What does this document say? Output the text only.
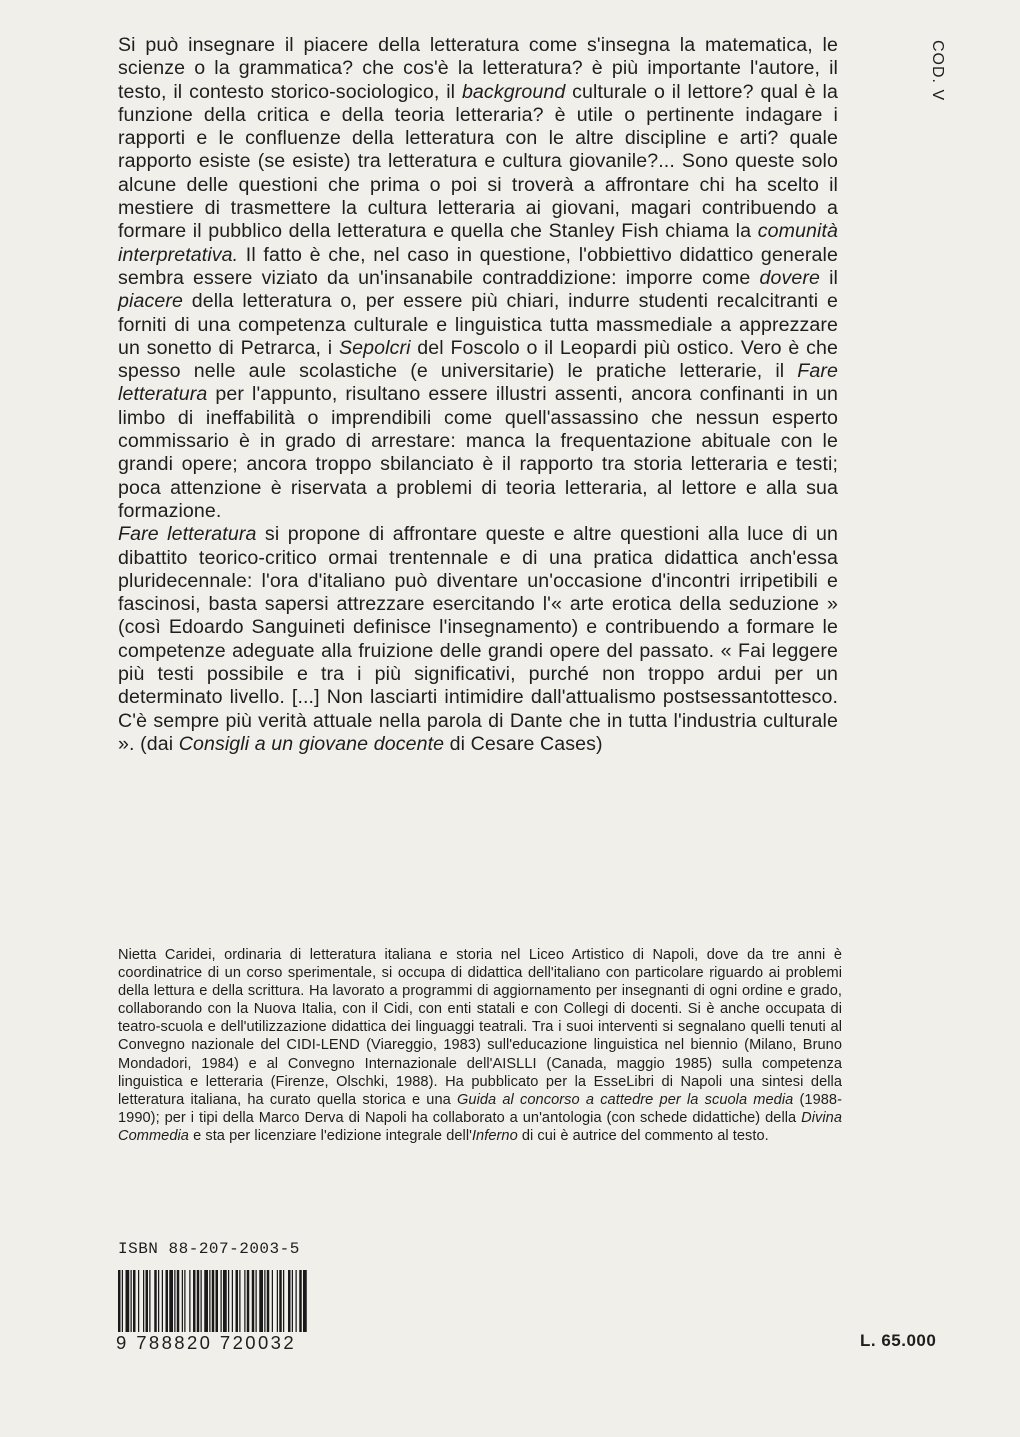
COD. V

Si può insegnare il piacere della letteratura come s'insegna la matematica, le scienze o la grammatica? che cos'è la letteratura? è più importante l'autore, il testo, il contesto storico-sociologico, il background culturale o il lettore? qual è la funzione della critica e della teoria letteraria? è utile o pertinente indagare i rapporti e le confluenze della letteratura con le altre discipline e arti? quale rapporto esiste (se esiste) tra letteratura e cultura giovanile?... Sono queste solo alcune delle questioni che prima o poi si troverà a affrontare chi ha scelto il mestiere di trasmettere la cultura letteraria ai giovani, magari contribuendo a formare il pubblico della letteratura e quella che Stanley Fish chiama la comunità interpretativa. Il fatto è che, nel caso in questione, l'obbiettivo didattico generale sembra essere viziato da un'insanabile contraddizione: imporre come dovere il piacere della letteratura o, per essere più chiari, indurre studenti recalcitranti e forniti di una competenza culturale e linguistica tutta massmediale a apprezzare un sonetto di Petrarca, i Sepolcri del Foscolo o il Leopardi più ostico. Vero è che spesso nelle aule scolastiche (e universitarie) le pratiche letterarie, il Fare letteratura per l'appunto, risultano essere illustri assenti, ancora confinanti in un limbo di ineffabilità o imprendibili come quell'assassino che nessun esperto commissario è in grado di arrestare: manca la frequentazione abituale con le grandi opere; ancora troppo sbilanciato è il rapporto tra storia letteraria e testi; poca attenzione è riservata a problemi di teoria letteraria, al lettore e alla sua formazione.

Fare letteratura si propone di affrontare queste e altre questioni alla luce di un dibattito teorico-critico ormai trentennale e di una pratica didattica anch'essa pluridecennale: l'ora d'italiano può diventare un'occasione d'incontri irripetibili e fascinosi, basta sapersi attrezzare esercitando l'« arte erotica della seduzione » (così Edoardo Sanguineti definisce l'insegnamento) e contribuendo a formare le competenze adeguate alla fruizione delle grandi opere del passato. « Fai leggere più testi possibile e tra i più significativi, purché non troppo ardui per un determinato livello. [...] Non lasciarti intimidire dall'attualismo postsessantottesco. C'è sempre più verità attuale nella parola di Dante che in tutta l'industria culturale ». (dai Consigli a un giovane docente di Cesare Cases)

Nietta Caridei, ordinaria di letteratura italiana e storia nel Liceo Artistico di Napoli, dove da tre anni è coordinatrice di un corso sperimentale, si occupa di didattica dell'italiano con particolare riguardo ai problemi della lettura e della scrittura. Ha lavorato a programmi di aggiornamento per insegnanti di ogni ordine e grado, collaborando con la Nuova Italia, con il Cidi, con enti statali e con Collegi di docenti. Si è anche occupata di teatro-scuola e dell'utilizzazione didattica dei linguaggi teatrali. Tra i suoi interventi si segnalano quelli tenuti al Convegno nazionale del CIDI-LEND (Viareggio, 1983) sull'educazione linguistica nel biennio (Milano, Bruno Mondadori, 1984) e al Convegno Internazionale dell'AISLLI (Canada, maggio 1985) sulla competenza linguistica e letteraria (Firenze, Olschki, 1988). Ha pubblicato per la EsseLibri di Napoli una sintesi della letteratura italiana, ha curato quella storica e una Guida al concorso a cattedre per la scuola media (1988-1990); per i tipi della Marco Derva di Napoli ha collaborato a un'antologia (con schede didattiche) della Divina Commedia e sta per licenziare l'edizione integrale dell'Inferno di cui è autrice del commento al testo.
ISBN 88-207-2003-5
9 788820 720032	L. 65.000
